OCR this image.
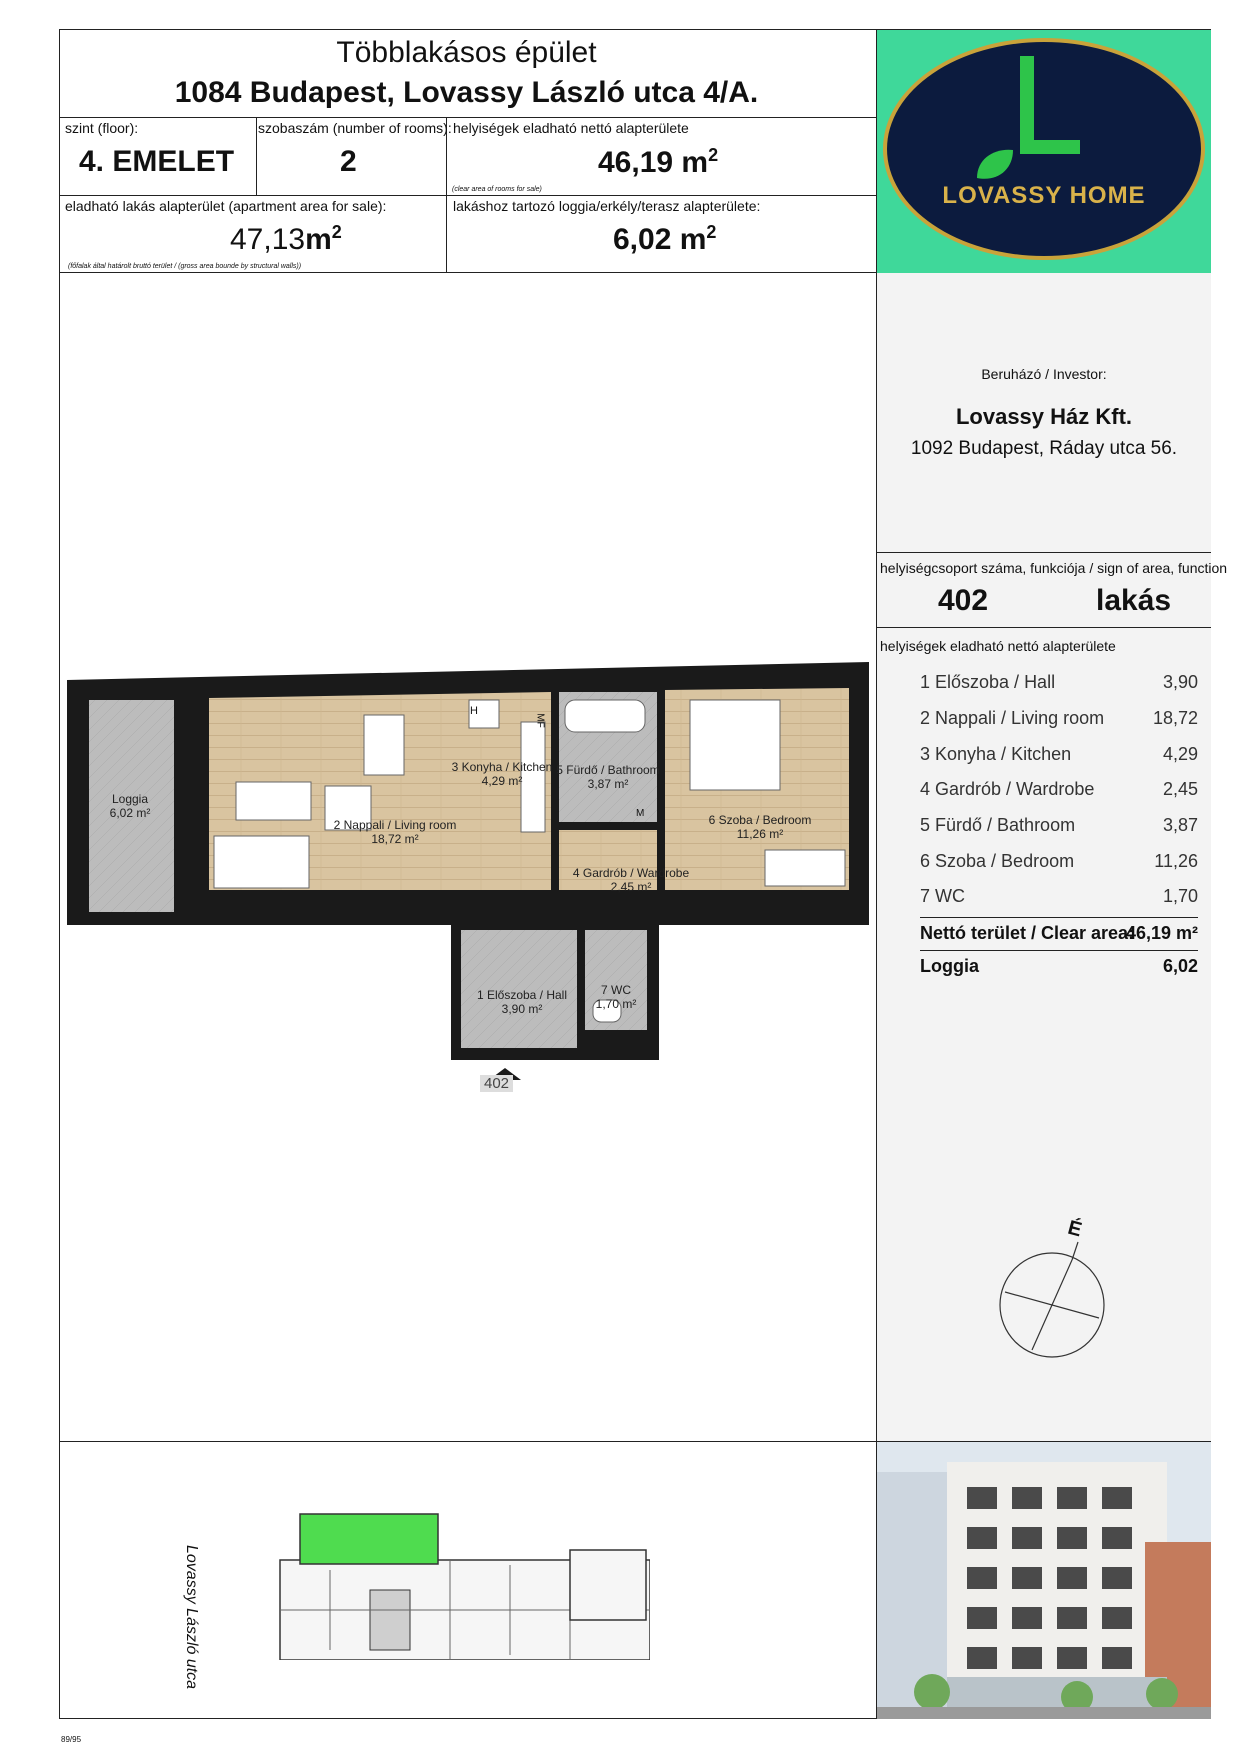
Többlakásos épület
1084 Budapest, Lovassy László utca 4/A.
szint (floor):
4. EMELET
szobaszám (number of rooms):
2
helyiségek eladható nettó alapterülete
46,19 $m^2$
(clear area of rooms for sale)
eladható lakás alapterület (apartment area for sale):
$47,13m^2$
(főfalak által határolt bruttó terület / (gross area bounde by structural walls))
lakáshoz tartozó loggia/erkély/terasz alapterülete:
6,02 $m^2$
LOVASSY HOME
Beruházó / Investor:
Lovassy Ház Kft.
1092 Budapest, Ráday utca 56.
helyiségcsoport száma, funkciója / sign of area, function
402	lakás
helyiségek eladható nettó alapterülete
1 Előszoba / Hall	3,90
2 Nappali / Living room	18,72
3 Konyha / Kitchen	4,29
4 Gardrób / Wardrobe	2,45
5 Fürdő / Bathroom	3,87
6 Szoba / Bedroom	11,26
7 WC	1,70
Nettó terület / Clear area:
46,19 m²
Loggia	6,02
É
Loggia
6,02 m²
2 Nappali / Living room
18,72 m²
3 Konyha / Kitchen
4,29 m²
5 Fürdő / Bathroom
3,87 m²
6 Szoba / Bedroom
11,26 m²
4 Gardrób / Wardrobe
2,45 m²
1 Előszoba / Hall
3,90 m²
7 WC
1,70 m²
H
MF
M
402
Lovassy László utca
89/95
